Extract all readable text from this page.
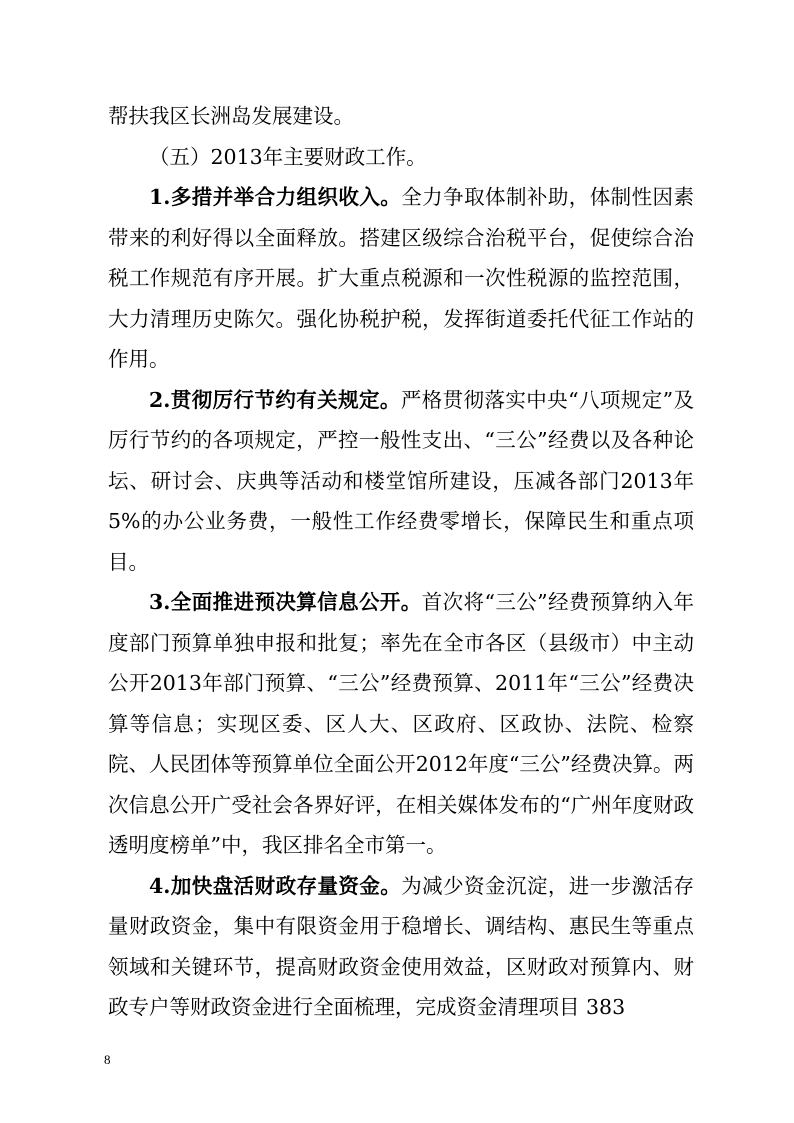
帮扶我区长洲岛发展建设。

（五）2013年主要财政工作。

1.多措并举合力组织收入。全力争取体制补助，体制性因素带来的利好得以全面释放。搭建区级综合治税平台，促使综合治税工作规范有序开展。扩大重点税源和一次性税源的监控范围，大力清理历史陈欠。强化协税护税，发挥街道委托代征工作站的作用。

2.贯彻厉行节约有关规定。严格贯彻落实中央“八项规定”及厉行节约的各项规定，严控一般性支出、“三公”经费以及各种论坛、研讨会、庆典等活动和楼堂馆所建设，压减各部门2013年5%的办公业务费，一般性工作经费零增长，保障民生和重点项目。

3.全面推进预决算信息公开。首次将“三公”经费预算纳入年度部门预算单独申报和批复；率先在全市各区（县级市）中主动公开2013年部门预算、“三公”经费预算、2011年“三公”经费决算等信息；实现区委、区人大、区政府、区政协、法院、检察院、人民团体等预算单位全面公开2012年度“三公”经费决算。两次信息公开广受社会各界好评，在相关媒体发布的“广州年度财政透明度榜单”中，我区排名全市第一。

4.加快盘活财政存量资金。为减少资金沉淀，进一步激活存量财政资金，集中有限资金用于稳增长、调结构、惠民生等重点领域和关键环节，提高财政资金使用效益，区财政对预算内、财政专户等财政资金进行全面梳理，完成资金清理项目 383

8
